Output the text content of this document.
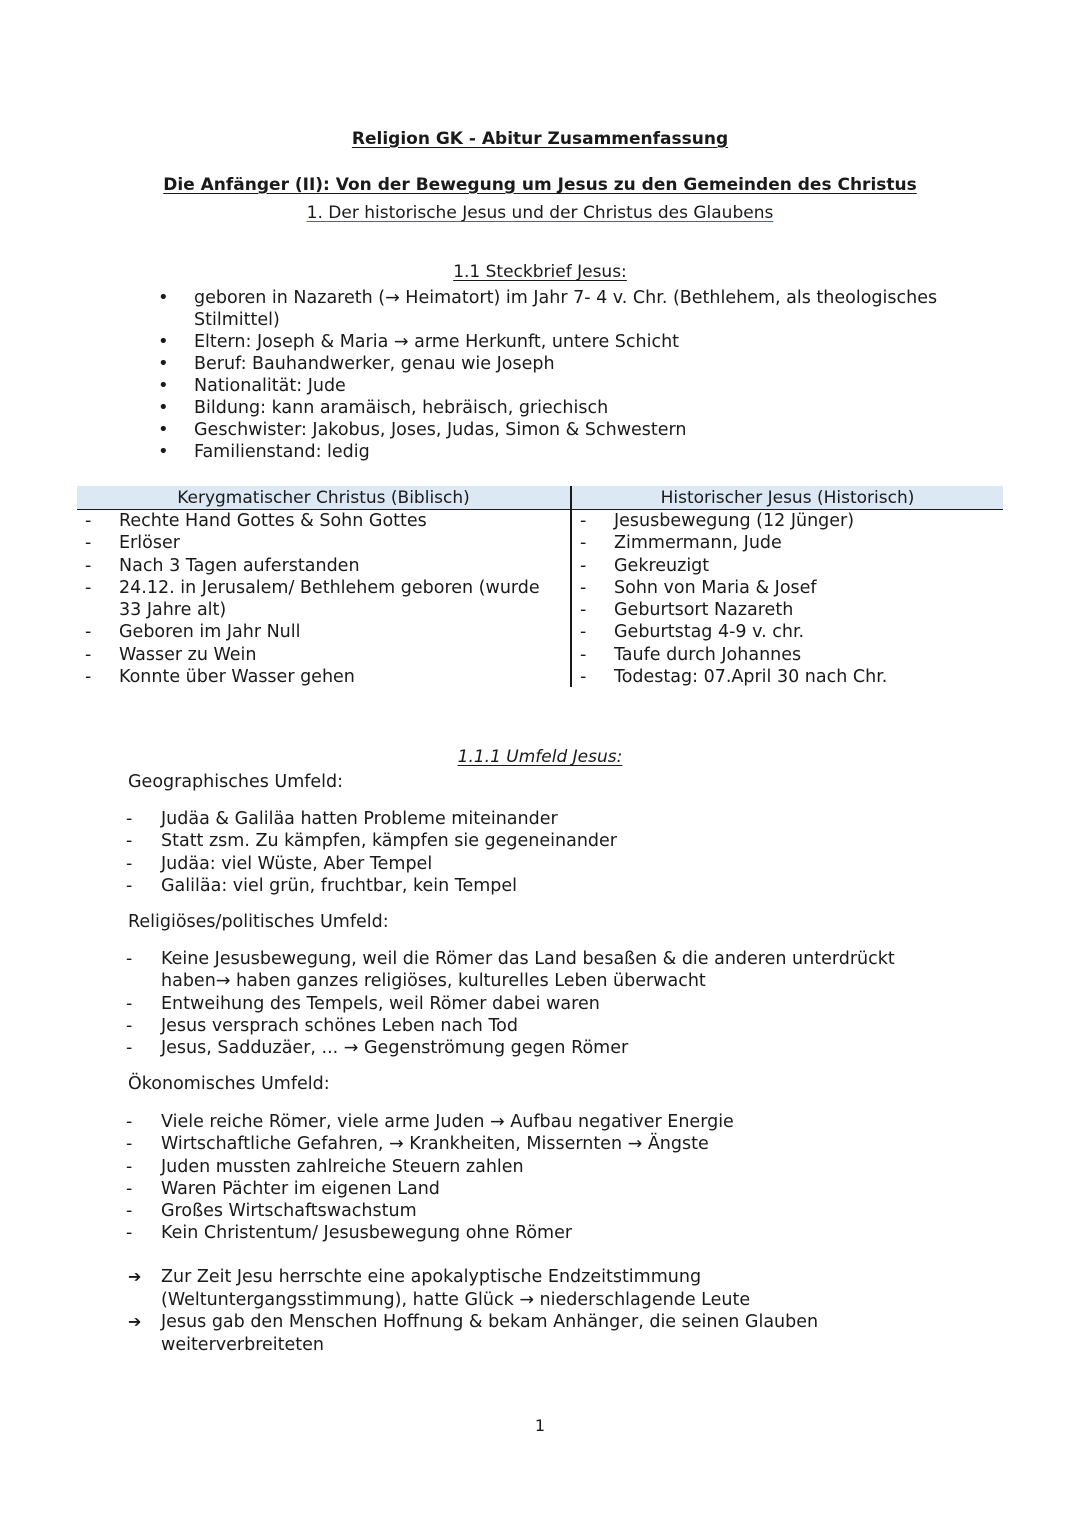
Religion GK - Abitur Zusammenfassung
Die Anfänger (II): Von der Bewegung um Jesus zu den Gemeinden des Christus
1. Der historische Jesus und der Christus des Glaubens
1.1 Steckbrief Jesus:
• geboren in Nazareth (→ Heimatort) im Jahr 7- 4 v. Chr. (Bethlehem, als theologisches Stilmittel)
• Eltern: Joseph & Maria → arme Herkunft, untere Schicht
• Beruf: Bauhandwerker, genau wie Joseph
• Nationalität: Jude
• Bildung: kann aramäisch, hebräisch, griechisch
• Geschwister: Jakobus, Joses, Judas, Simon & Schwestern
• Familienstand: ledig
Kerygmatischer Christus (Biblisch)	Historischer Jesus (Historisch)
- Rechte Hand Gottes & Sohn Gottes
- Erlöser
- Nach 3 Tagen auferstanden
- 24.12. in Jerusalem/ Bethlehem geboren (wurde 33 Jahre alt)
- Geboren im Jahr Null
- Wasser zu Wein
- Konnte über Wasser gehen
- Jesusbewegung (12 Jünger)
- Zimmermann, Jude
- Gekreuzigt
- Sohn von Maria & Josef
- Geburtsort Nazareth
- Geburtstag 4-9 v. chr.
- Taufe durch Johannes
- Todestag: 07.April 30 nach Chr.
1.1.1 Umfeld Jesus:
Geographisches Umfeld:
- Judäa & Galiläa hatten Probleme miteinander
- Statt zsm. Zu kämpfen, kämpfen sie gegeneinander
- Judäa: viel Wüste, Aber Tempel
- Galiläa: viel grün, fruchtbar, kein Tempel
Religiöses/politisches Umfeld:
- Keine Jesusbewegung, weil die Römer das Land besaßen & die anderen unterdrückt haben→ haben ganzes religiöses, kulturelles Leben überwacht
- Entweihung des Tempels, weil Römer dabei waren
- Jesus versprach schönes Leben nach Tod
- Jesus, Sadduzäer, ... → Gegenströmung gegen Römer
Ökonomisches Umfeld:
- Viele reiche Römer, viele arme Juden → Aufbau negativer Energie
- Wirtschaftliche Gefahren, → Krankheiten, Missernten → Ängste
- Juden mussten zahlreiche Steuern zahlen
- Waren Pächter im eigenen Land
- Großes Wirtschaftswachstum
- Kein Christentum/ Jesusbewegung ohne Römer
➔ Zur Zeit Jesu herrschte eine apokalyptische Endzeitstimmung (Weltuntergangsstimmung), hatte Glück → niederschlagende Leute
➔ Jesus gab den Menschen Hoffnung & bekam Anhänger, die seinen Glauben weiterverbreiteten
1
